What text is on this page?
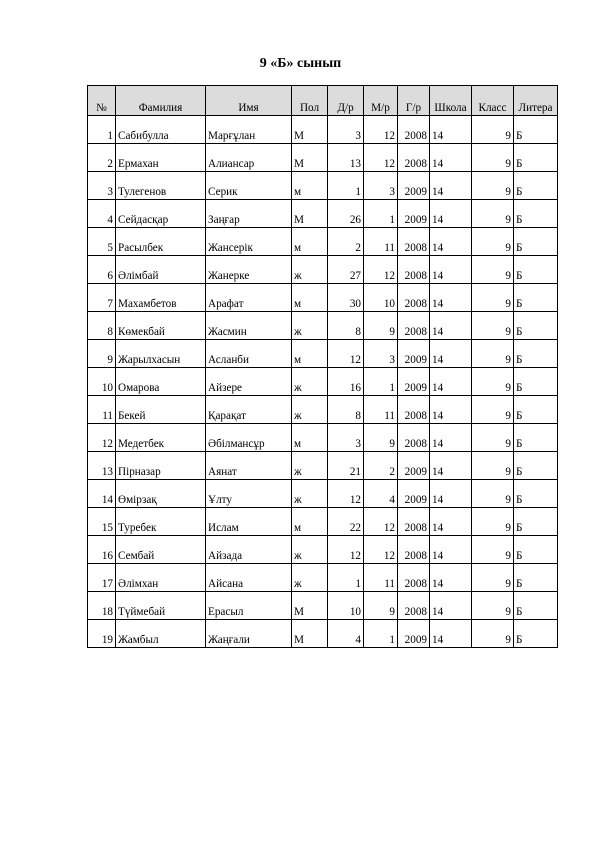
9 «Б» сынып
№	Фамилия	Имя	Пол	Д/р	М/р	Г/р	Школа	Класс	Литера
1	Сабибулла	Марғұлан	М	3	12	2008	14	9	Б
2	Ермахан	Алиансар	М	13	12	2008	14	9	Б
3	Тулегенов	Серик	м	1	3	2009	14	9	Б
4	Сейдасқар	Заңғар	М	26	1	2009	14	9	Б
5	Расылбек	Жансерік	м	2	11	2008	14	9	Б
6	Әлімбай	Жанерке	ж	27	12	2008	14	9	Б
7	Махамбетов	Арафат	м	30	10	2008	14	9	Б
8	Көмекбай	Жасмин	ж	8	9	2008	14	9	Б
9	Жарылхасын	Асланби	м	12	3	2009	14	9	Б
10	Омарова	Айзере	ж	16	1	2009	14	9	Б
11	Бекей	Қарақат	ж	8	11	2008	14	9	Б
12	Медетбек	Әбілмансұр	м	3	9	2008	14	9	Б
13	Пірназар	Аянат	ж	21	2	2009	14	9	Б
14	Өмірзақ	Ұлту	ж	12	4	2009	14	9	Б
15	Туребек	Ислам	м	22	12	2008	14	9	Б
16	Сембай	Айзада	ж	12	12	2008	14	9	Б
17	Әлімхан	Айсана	ж	1	11	2008	14	9	Б
18	Түймебай	Ерасыл	М	10	9	2008	14	9	Б
19	Жамбыл	Жаңғали	М	4	1	2009	14	9	Б
